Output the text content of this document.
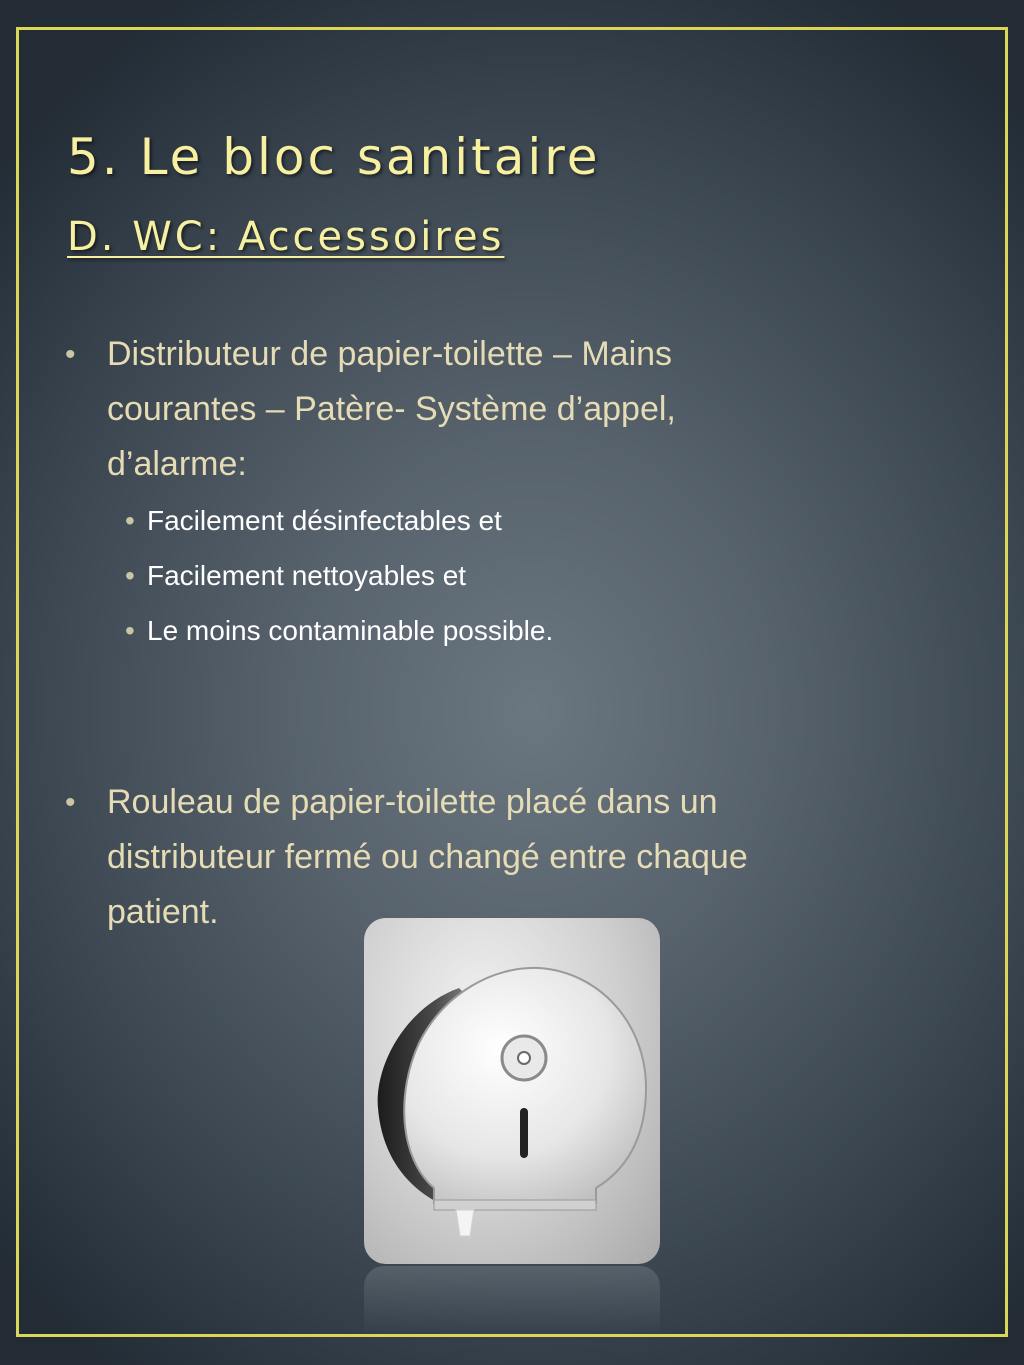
5. Le bloc sanitaire
D. WC: Accessoires
• Distributeur de papier-toilette – Mains
courantes – Patère- Système d’appel,
d’alarme:
• Facilement désinfectables et
• Facilement nettoyables et
• Le moins contaminable possible.
• Rouleau de papier-toilette placé dans un
distributeur fermé ou changé entre chaque
patient.
